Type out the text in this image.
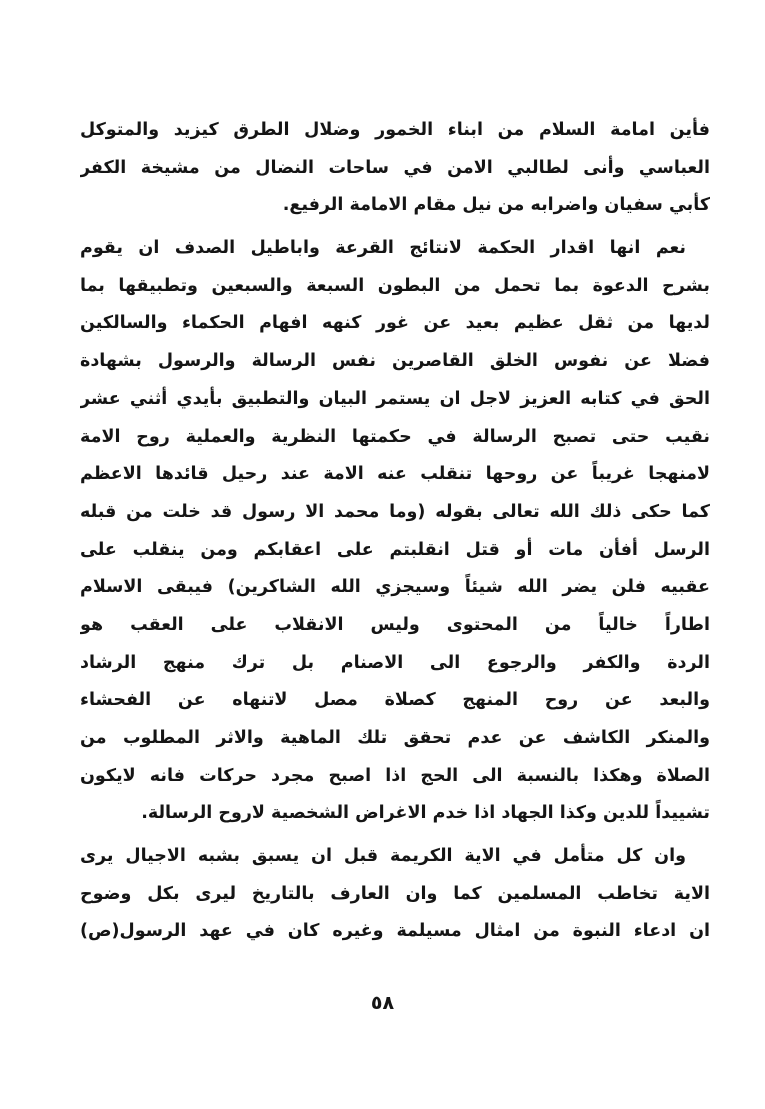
فأين امامة السلام من ابناء الخمور وضلال الطرق كيزيد والمتوكل
العباسي وأنى لطالبي الامن في ساحات النضال من مشيخة الكفر
كأبي سفيان واضرابه من نيل مقام الامامة الرفيع.
نعم انها اقدار الحكمة لانتائج القرعة واباطيل الصدف ان يقوم
بشرح الدعوة بما تحمل من البطون السبعة والسبعين وتطبيقها بما
لديها من ثقل عظيم بعيد عن غور كنهه افهام الحكماء والسالكين
فضلا عن نفوس الخلق القاصرين نفس الرسالة والرسول بشهادة
الحق في كتابه العزيز لاجل ان يستمر البيان والتطبيق بأيدي أثني عشر
نقيب حتى تصبح الرسالة في حكمتها النظرية والعملية روح الامة
لامنهجا غريباً عن روحها تنقلب عنه الامة عند رحيل قائدها الاعظم
كما حكى ذلك الله تعالى بقوله (وما محمد الا رسول قد خلت من قبله
الرسل أفأن مات أو قتل انقلبتم على اعقابكم ومن ينقلب على
عقبيه فلن يضر الله شيئاً وسيجزي الله الشاكرين) فيبقى الاسلام
اطاراً خالياً من المحتوى وليس الانقلاب على العقب هو
الردة والكفر والرجوع الى الاصنام بل ترك منهج الرشاد
والبعد عن روح المنهج كصلاة مصل لاتنهاه عن الفحشاء
والمنكر الكاشف عن عدم تحقق تلك الماهية والاثر المطلوب من
الصلاة وهكذا بالنسبة الى الحج اذا اصبح مجرد حركات فانه لايكون
تشييداً للدين وكذا الجهاد اذا خدم الاغراض الشخصية لاروح الرسالة.
وان كل متأمل في الاية الكريمة قبل ان يسبق بشبه الاجيال يرى
الاية تخاطب المسلمين كما وان العارف بالتاريخ ليرى بكل وضوح
ان ادعاء النبوة من امثال مسيلمة وغيره كان في عهد الرسول(ص)
٥٨
